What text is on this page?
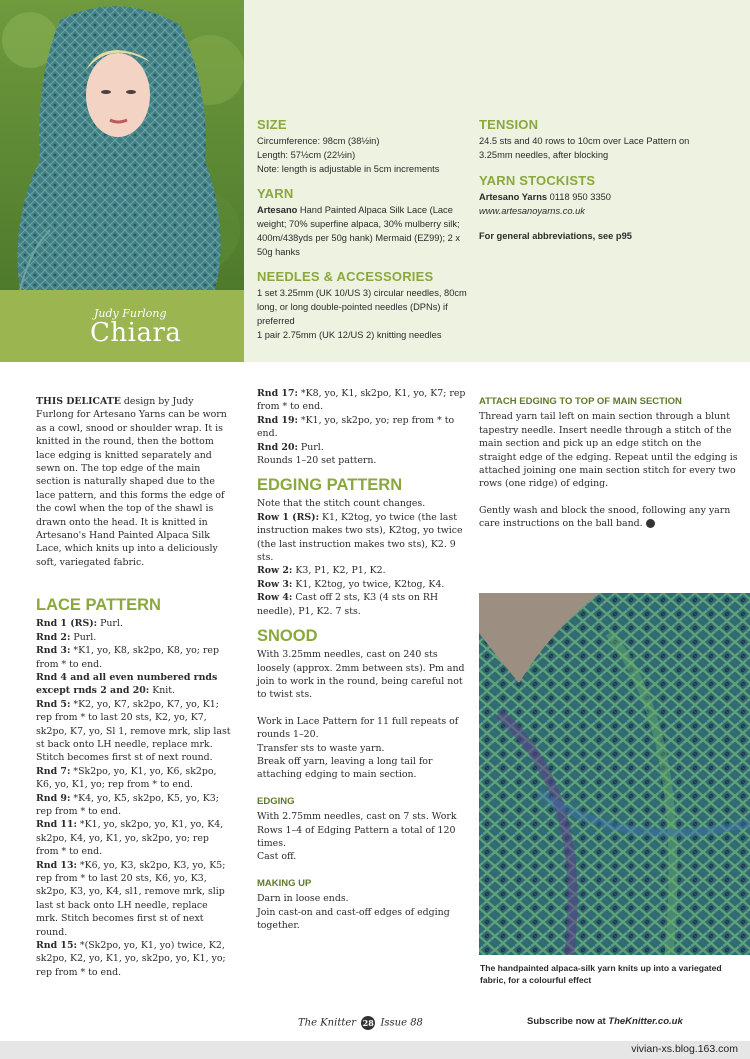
Judy Furlong
Chiara
SIZE
Circumference: 98cm (38½in)
Length: 57½cm (22½in)
Note: length is adjustable in 5cm increments
YARN
Artesano Hand Painted Alpaca Silk Lace (Lace weight; 70% superfine alpaca, 30% mulberry silk; 400m/438yds per 50g hank) Mermaid (EZ99); 2 x 50g hanks
NEEDLES & ACCESSORIES
1 set 3.25mm (UK 10/US 3) circular needles, 80cm long, or long double-pointed needles (DPNs) if preferred
1 pair 2.75mm (UK 12/US 2) knitting needles
TENSION
24.5 sts and 40 rows to 10cm over Lace Pattern on 3.25mm needles, after blocking
YARN STOCKISTS
Artesano Yarns 0118 950 3350
www.artesanoyarns.co.uk
For general abbreviations, see p95

THIS DELICATE design by Judy Furlong for Artesano Yarns can be worn as a cowl, snood or shoulder wrap. It is knitted in the round, then the bottom lace edging is knitted separately and sewn on. The top edge of the main section is naturally shaped due to the lace pattern, and this forms the edge of the cowl when the top of the shawl is drawn onto the head. It is knitted in Artesano's Hand Painted Alpaca Silk Lace, which knits up into a deliciously soft, variegated fabric.

LACE PATTERN

Rnd 1 (RS): Purl.

Rnd 2: Purl.

Rnd 3: *K1, yo, K8, sk2po, K8, yo; rep from * to end.

Rnd 4 and all even numbered rnds except rnds 2 and 20: Knit.

Rnd 5: *K2, yo, K7, sk2po, K7, yo, K1; rep from * to last 20 sts, K2, yo, K7, sk2po, K7, yo, Sl 1, remove mrk, slip last st back onto LH needle, replace mrk. Stitch becomes first st of next round.

Rnd 7: *Sk2po, yo, K1, yo, K6, sk2po, K6, yo, K1, yo; rep from * to end.

Rnd 9: *K4, yo, K5, sk2po, K5, yo, K3; rep from * to end.

Rnd 11: *K1, yo, sk2po, yo, K1, yo, K4, sk2po, K4, yo, K1, yo, sk2po, yo; rep from * to end.

Rnd 13: *K6, yo, K3, sk2po, K3, yo, K5; rep from * to last 20 sts, K6, yo, K3, sk2po, K3, yo, K4, sl1, remove mrk, slip last st back onto LH needle, replace mrk. Stitch becomes first st of next round.

Rnd 15: *(Sk2po, yo, K1, yo) twice, K2, sk2po, K2, yo, K1, yo, sk2po, yo, K1, yo; rep from * to end.

Rnd 17: *K8, yo, K1, sk2po, K1, yo, K7; rep from * to end.

Rnd 19: *K1, yo, sk2po, yo; rep from * to end.

Rnd 20: Purl.

Rounds 1–20 set pattern.

EDGING PATTERN

Note that the stitch count changes.

Row 1 (RS): K1, K2tog, yo twice (the last instruction makes two sts), K2tog, yo twice (the last instruction makes two sts), K2. 9 sts.

Row 2: K3, P1, K2, P1, K2.

Row 3: K1, K2tog, yo twice, K2tog, K4.

Row 4: Cast off 2 sts, K3 (4 sts on RH needle), P1, K2. 7 sts.

SNOOD

With 3.25mm needles, cast on 240 sts loosely (approx. 2mm between sts). Pm and join to work in the round, being careful not to twist sts.

Work in Lace Pattern for 11 full repeats of rounds 1–20.

Transfer sts to waste yarn.

Break off yarn, leaving a long tail for attaching edging to main section.

EDGING

With 2.75mm needles, cast on 7 sts. Work Rows 1–4 of Edging Pattern a total of 120 times.

Cast off.

MAKING UP

Darn in loose ends.

Join cast-on and cast-off edges of edging together.

ATTACH EDGING TO TOP OF MAIN SECTION

Thread yarn tail left on main section through a blunt tapestry needle. Insert needle through a stitch of the main section and pick up an edge stitch on the straight edge of the edging. Repeat until the edging is attached joining one main section stitch for every two rows (one ridge) of edging.

Gently wash and block the snood, following any yarn care instructions on the ball band.

The handpainted alpaca-silk yarn knits up into a variegated fabric, for a colourful effect
The Knitter 28 Issue 88	Subscribe now at TheKnitter.co.uk
vivian-xs.blog.163.com
